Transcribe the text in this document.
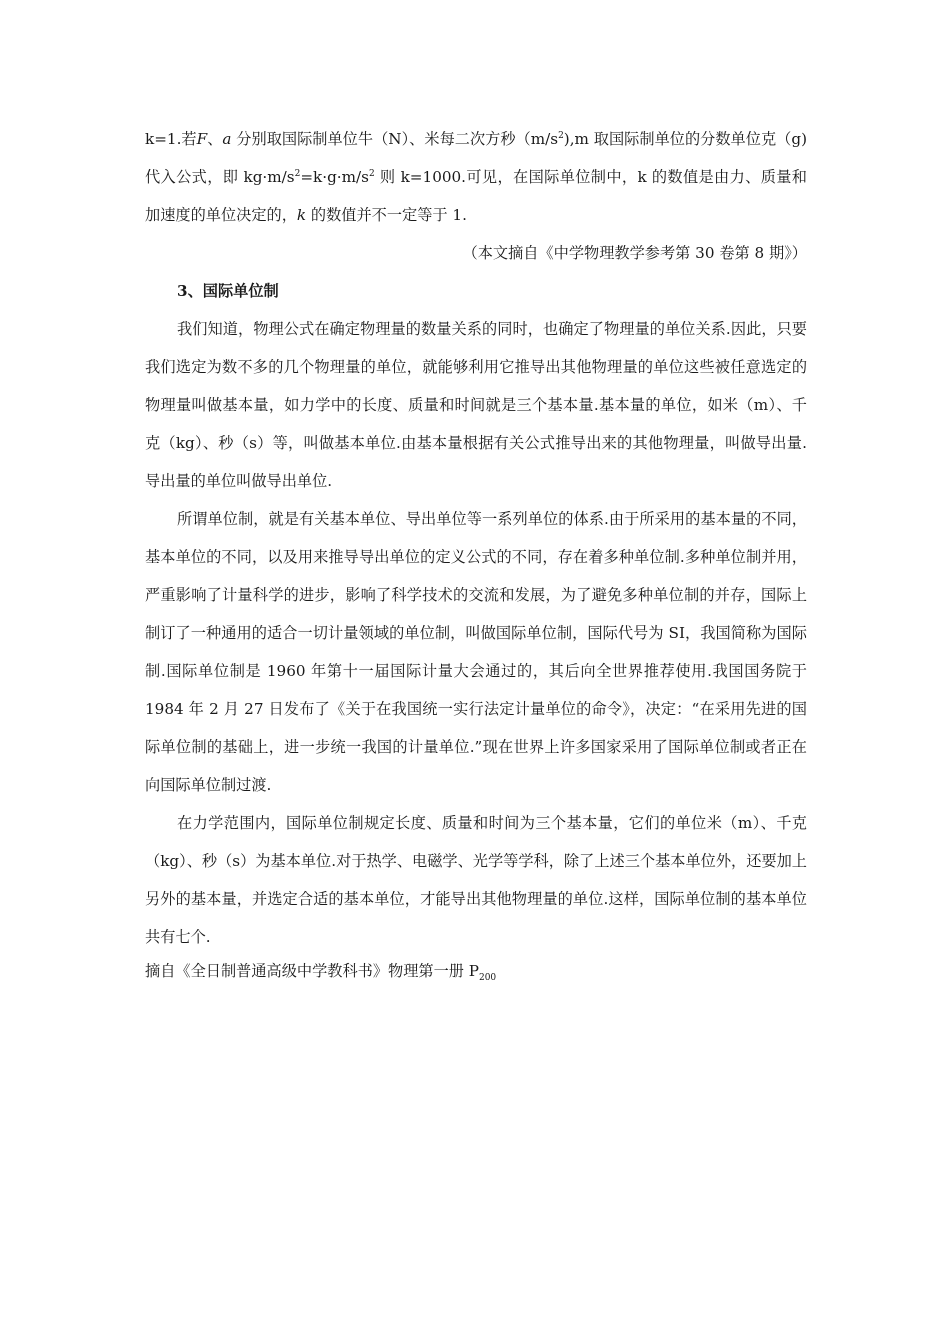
k=1.若F、a 分别取国际制单位牛（N）、米每二次方秒$(m/s^2),m$ 取国际制单位的分数单位克（g)代入公式，即 $kg\cdot m/s^2=k\cdot g\cdot m/s^2$ 则 k=1000.可见，在国际单位制中，k 的数值是由力、质量和加速度的单位决定的，k 的数值并不一定等于 1.

（本文摘自《中学物理教学参考第 30 卷第 8 期》）

3、国际单位制

我们知道，物理公式在确定物理量的数量关系的同时，也确定了物理量的单位关系.因此，只要我们选定为数不多的几个物理量的单位，就能够利用它推导出其他物理量的单位这些被任意选定的物理量叫做基本量，如力学中的长度、质量和时间就是三个基本量.基本量的单位，如米（m）、千克（kg）、秒（s）等，叫做基本单位.由基本量根据有关公式推导出来的其他物理量，叫做导出量.导出量的单位叫做导出单位.

所谓单位制，就是有关基本单位、导出单位等一系列单位的体系.由于所采用的基本量的不同，基本单位的不同，以及用来推导导出单位的定义公式的不同，存在着多种单位制.多种单位制并用，严重影响了计量科学的进步，影响了科学技术的交流和发展，为了避免多种单位制的并存，国际上制订了一种通用的适合一切计量领域的单位制，叫做国际单位制，国际代号为 SI，我国简称为国际制.国际单位制是 1960 年第十一届国际计量大会通过的，其后向全世界推荐使用.我国国务院于 1984 年 2 月 27 日发布了《关于在我国统一实行法定计量单位的命令》，决定：“在采用先进的国际单位制的基础上，进一步统一我国的计量单位.”现在世界上许多国家采用了国际单位制或者正在向国际单位制过渡.

在力学范围内，国际单位制规定长度、质量和时间为三个基本量，它们的单位米（m）、千克（kg）、秒（s）为基本单位.对于热学、电磁学、光学等学科，除了上述三个基本单位外，还要加上另外的基本量，并选定合适的基本单位，才能导出其他物理量的单位.这样，国际单位制的基本单位共有七个.

摘自《全日制普通高级中学教科书》物理第一册 $P_{200}$
